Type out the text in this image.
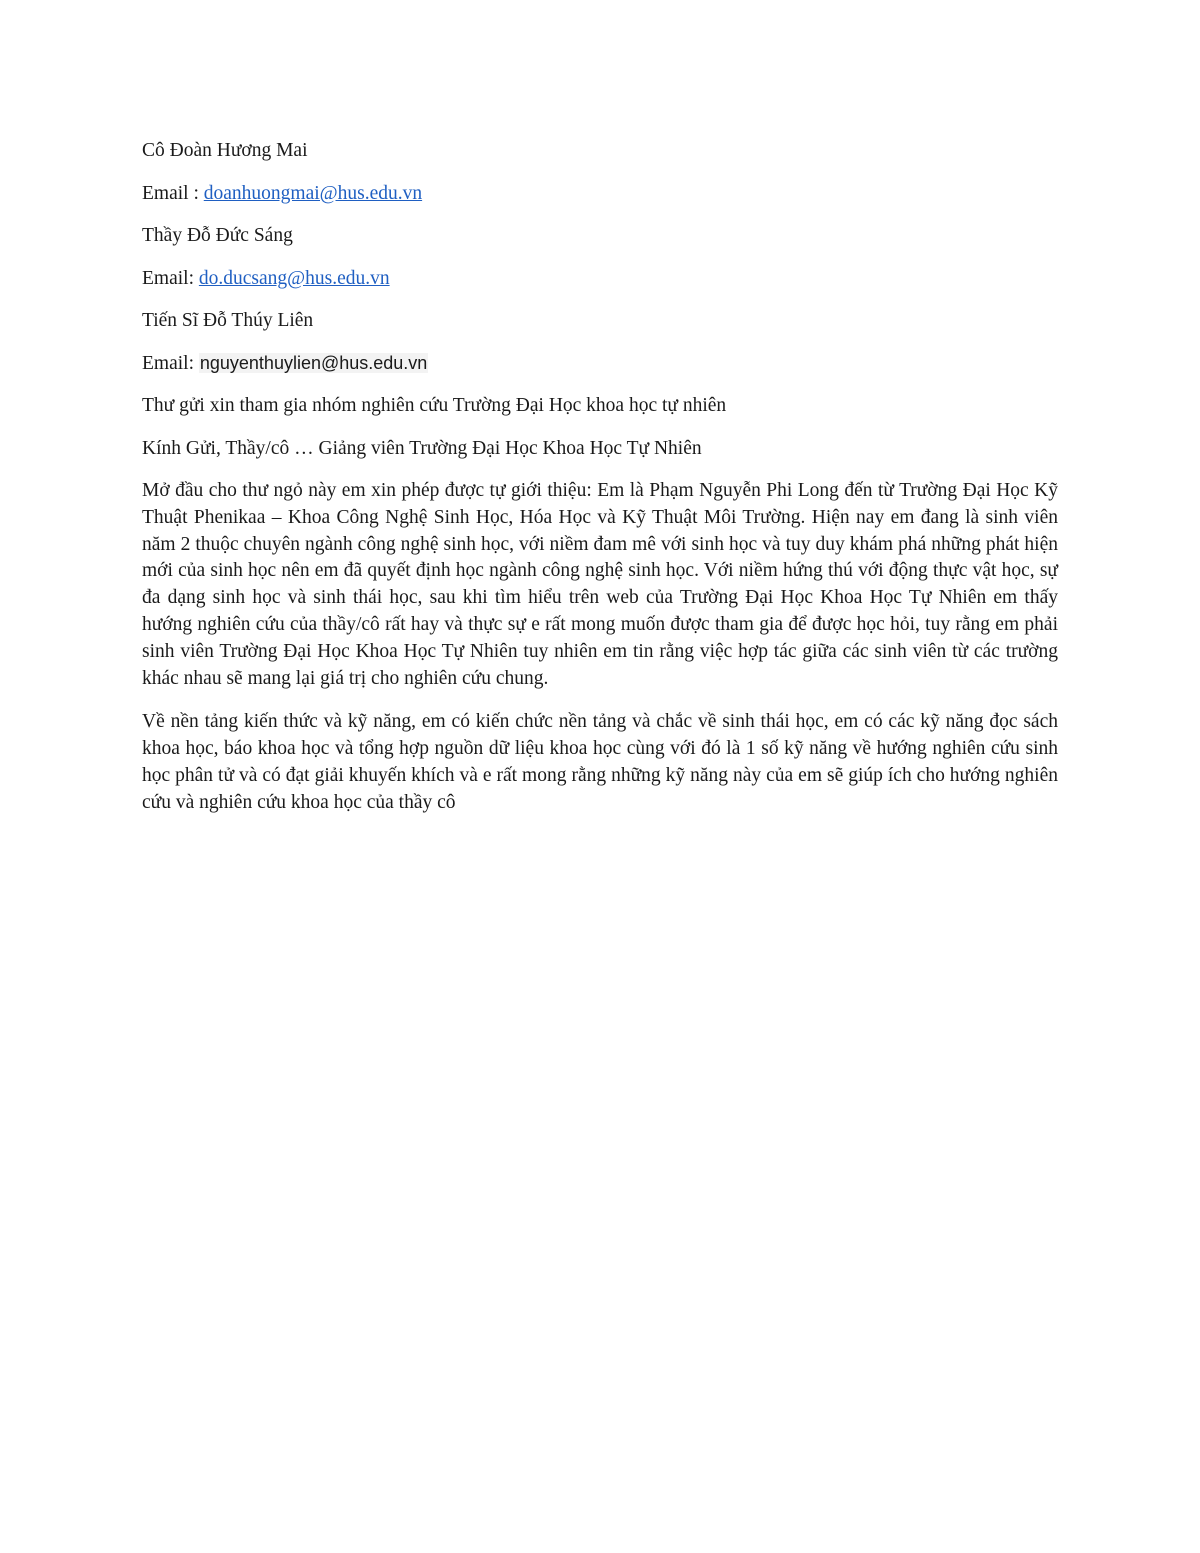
Cô Đoàn Hương Mai

Email : doanhuongmai@hus.edu.vn

Thầy Đỗ Đức Sáng

Email: do.ducsang@hus.edu.vn

Tiến Sĩ Đỗ Thúy Liên

Email: nguyenthuylien@hus.edu.vn

Thư gửi xin tham gia nhóm nghiên cứu Trường Đại Học khoa học tự nhiên

Kính Gửi, Thầy/cô … Giảng viên Trường Đại Học Khoa Học Tự Nhiên

Mở đầu cho thư ngỏ này em xin phép được tự giới thiệu: Em là Phạm Nguyễn Phi Long đến từ Trường Đại Học Kỹ Thuật Phenikaa – Khoa Công Nghệ Sinh Học, Hóa Học và Kỹ Thuật Môi Trường. Hiện nay em đang là sinh viên năm 2 thuộc chuyên ngành công nghệ sinh học, với niềm đam mê với sinh học và tuy duy khám phá những phát hiện mới của sinh học nên em đã quyết định học ngành công nghệ sinh học. Với niềm hứng thú với động thực vật học, sự đa dạng sinh học và sinh thái học, sau khi tìm hiểu trên web của Trường Đại Học Khoa Học Tự Nhiên em thấy hướng nghiên cứu của thầy/cô rất hay và thực sự e rất mong muốn được tham gia để được học hỏi, tuy rằng em phải sinh viên Trường Đại Học Khoa Học Tự Nhiên tuy nhiên em tin rằng việc hợp tác giữa các sinh viên từ các trường khác nhau sẽ mang lại giá trị cho nghiên cứu chung.

Về nền tảng kiến thức và kỹ năng, em có kiến chức nền tảng và chắc về sinh thái học, em có các kỹ năng đọc sách khoa học, báo khoa học và tổng hợp nguồn dữ liệu khoa học cùng với đó là 1 số kỹ năng về hướng nghiên cứu sinh học phân tử và có đạt giải khuyến khích và e rất mong rằng những kỹ năng này của em sẽ giúp ích cho hướng nghiên cứu và nghiên cứu khoa học của thầy cô
